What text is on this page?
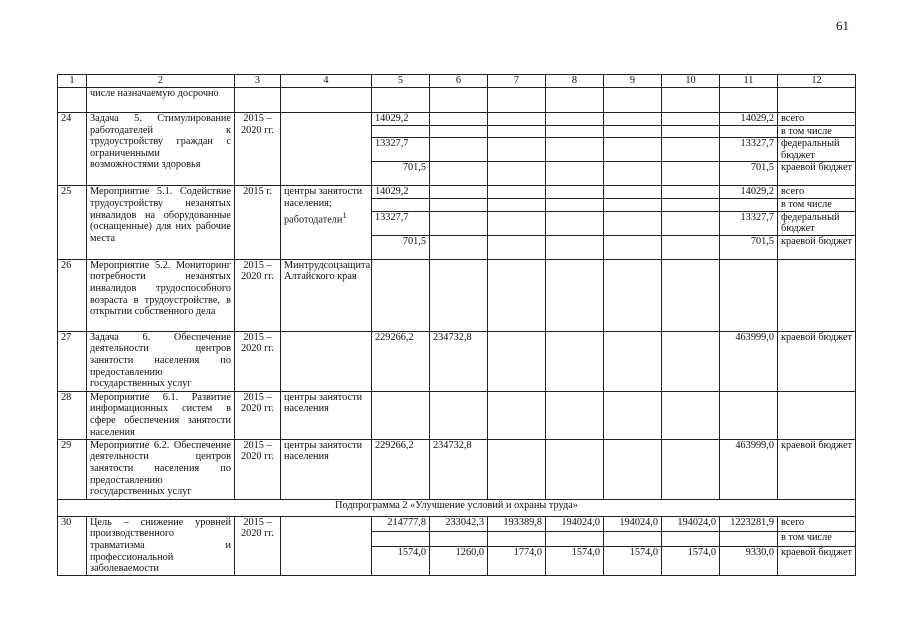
61
1	2	3	4	5	6	7	8	9	10	11	12
	числе назначаемую досрочно										
24	Задача 5. Стимулирование работодателей к трудоустройству граждан с ограниченными возможностями здоровья	2015 – 2020 гг.		14029,2						14029,2	всего
											в том числе
				13327,7						13327,7	федеральный бюджет
				701,5						701,5	краевой бюджет
25	Мероприятие 5.1. Содействие трудоустройству незанятых инвалидов на оборудованные (оснащенные) для них рабочие места	2015 г.	центры занятости населения; работодатели$^1$	14029,2						14029,2	всего
											в том числе
				13327,7						13327,7	федеральный бюджет
				701,5						701,5	краевой бюджет
26	Мероприятие 5.2. Мониторинг потребности незанятых инвалидов трудоспособного возраста в трудоустройстве, в открытии собственного дела	2015 – 2020 гг.	Минтрудсоцзащита Алтайского края								
27	Задача 6. Обеспечение деятельности центров занятости населения по предоставлению государственных услуг	2015 – 2020 гг.		229266,2	234732,8					463999,0	краевой бюджет
28	Мероприятие 6.1. Развитие информационных систем в сфере обеспечения занятости населения	2015 – 2020 гг.	центры занятости населения								
29	Мероприятие 6.2. Обеспечение деятельности центров занятости населения по предоставлению государственных услуг	2015 – 2020 гг.	центры занятости населения	229266,2	234732,8					463999,0	краевой бюджет
Подпрограмма 2 «Улучшение условий и охраны труда»											
30	Цель – снижение уровней производственного травматизма и профессиональной заболеваемости	2015 – 2020 гг.		214777,8	233042,3	193389,8	194024,0	194024,0	194024,0	1223281,9	всего
											в том числе
				1574,0	1260,0	1774,0	1574,0	1574,0	1574,0	9330,0	краевой бюджет
